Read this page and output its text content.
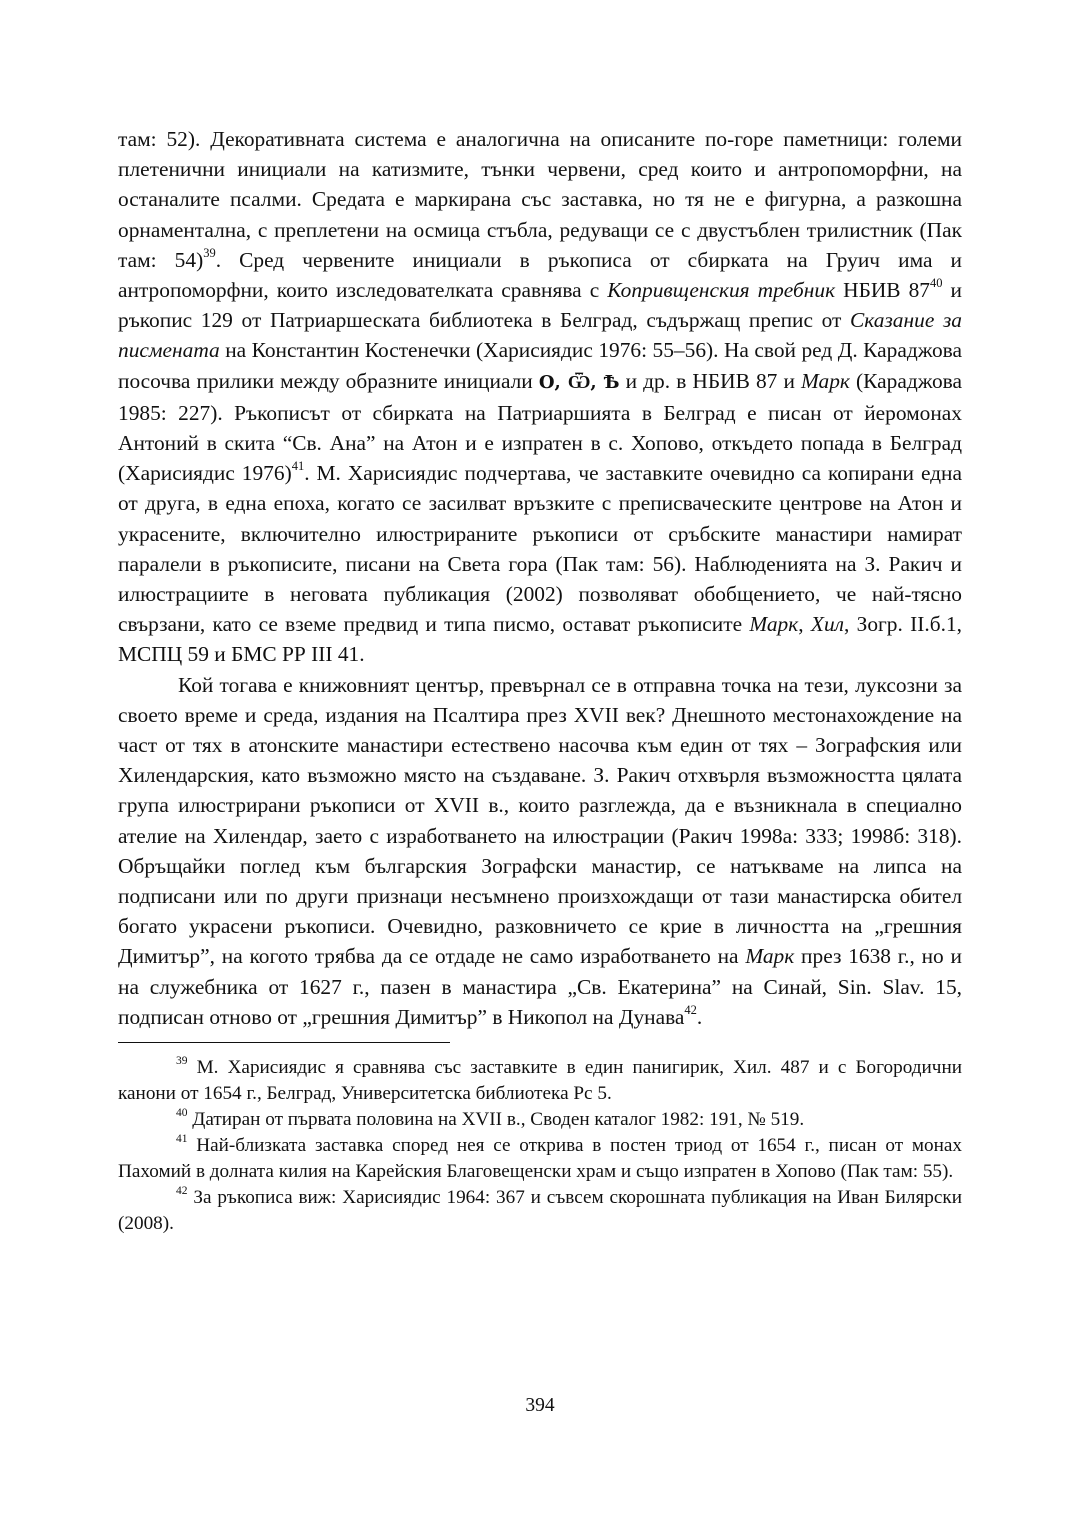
там: 52). Декоративната система е аналогична на описаните по-горе паметници: големи плетенични инициали на катизмите, тънки червени, сред които и антропоморфни, на останалите псалми. Средата е маркирана със заставка, но тя не е фигурна, а разкошна орнаментална, с преплетени на осмица стъбла, редуващи се с двустъблен трилистник (Пак там: 54)$^{39}$. Сред червените инициали в ръкописа от сбирката на Груич има и антропоморфни, които изследователката сравнява с Копривщенския требник НБИВ $87^{40}$ и ръкопис 129 от Патриаршеската библиотека в Белград, съдържащ препис от Сказание за писмената на Константин Костенечки (Харисиядис 1976: 55–56). На свой ред Д. Караджова посочва прилики между образните инициали О, Ѿ, Ѣ и др. в НБИВ 87 и Марк (Караджова 1985: 227). Ръкописът от сбирката на Патриаршията в Белград е писан от йеромонах Антоний в скита “Св. Ана” на Атон и е изпратен в с. Хопово, откъдето попада в Белград (Харисиядис 1976)$^{41}$. М. Харисиядис подчертава, че заставките очевидно са копирани една от друга, в една епоха, когато се засилват връзките с преписваческите центрове на Атон и украсените, включително илюстрираните ръкописи от сръбските манастири намират паралели в ръкописите, писани на Света гора (Пак там: 56). Наблюденията на З. Ракич и илюстрациите в неговата публикация (2002) позволяват обобщението, че най-тясно свързани, като се вземе предвид и типа писмо, остават ръкописите Марк, Хил, Зогр. II.б.1, МСПЦ 59 и БМС РР III 41.

Кой тогава е книжовният център, превърнал се в отправна точка на тези, луксозни за своето време и среда, издания на Псалтира през XVII век? Днешното местонахождение на част от тях в атонските манастири естествено насочва към един от тях – Зографския или Хилендарския, като възможно място на създаване. З. Ракич отхвърля възможността цялата група илюстрирани ръкописи от XVII в., които разглежда, да е възникнала в специално ателие на Хилендар, заето с изработването на илюстрации (Ракич 1998а: 333; 1998б: 318). Обръщайки поглед към българския Зографски манастир, се натъкваме на липса на подписани или по други признаци несъмнено произхождащи от тази манастирска обител богато украсени ръкописи. Очевидно, разковничето се крие в личността на „грешния Димитър”, на когото трябва да се отдаде не само изработването на Марк през 1638 г., но и на служебника от 1627 г., пазен в манастира „Св. Екатерина” на Синай, Sin. Slav. 15, подписан отново от „грешния Димитър” в Никопол на Дунава$^{42}$.

$^{39}$ М. Харисиядис я сравнява със заставките в един панигирик, Хил. 487 и с Богородични канони от 1654 г., Белград, Университетска библиотека Рс 5.

$^{40}$ Датиран от първата половина на XVII в., Сводeн каталог 1982: 191, № 519.

$^{41}$ Най-близката заставка според нея се открива в постен триод от 1654 г., писан от монах Пахомий в долната килия на Карейския Благовещенски храм и също изпратен в Хопово (Пак там: 55).

$^{42}$ За ръкописа виж: Харисиядис 1964: 367 и съвсем скорошната публикация на Иван Билярски (2008).

394
